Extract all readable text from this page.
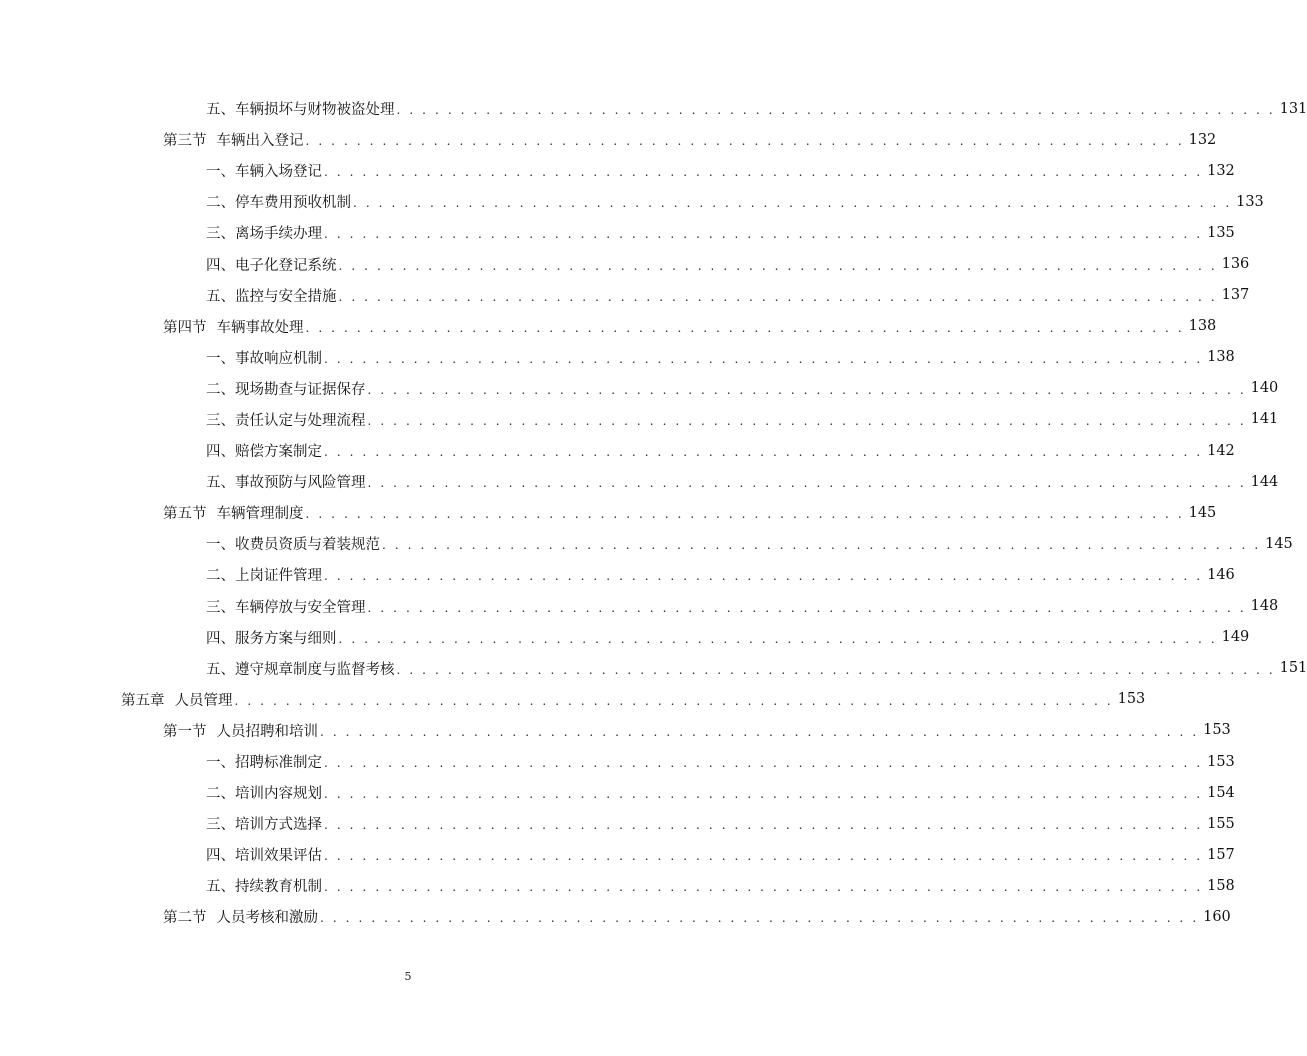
五、车辆损坏与财物被盗处理 . . . . . . . . . . . . . . . . . . . . . . . . . . . . . . . . . . . . . . . . . . . . . . . . . . . . . . . . . . . . . . . . . . . . . 131
第三节 车辆出入登记 . . . . . . . . . . . . . . . . . . . . . . . . . . . . . . . . . . . . . . . . . . . . . . . . . . . . . . . . . . . . . . . . . . . . . 132
一、车辆入场登记 . . . . . . . . . . . . . . . . . . . . . . . . . . . . . . . . . . . . . . . . . . . . . . . . . . . . . . . . . . . . . . . . . . . . . 132
二、停车费用预收机制 . . . . . . . . . . . . . . . . . . . . . . . . . . . . . . . . . . . . . . . . . . . . . . . . . . . . . . . . . . . . . . . . . . . . . 133
三、离场手续办理 . . . . . . . . . . . . . . . . . . . . . . . . . . . . . . . . . . . . . . . . . . . . . . . . . . . . . . . . . . . . . . . . . . . . . 135
四、电子化登记系统 . . . . . . . . . . . . . . . . . . . . . . . . . . . . . . . . . . . . . . . . . . . . . . . . . . . . . . . . . . . . . . . . . . . . . 136
五、监控与安全措施 . . . . . . . . . . . . . . . . . . . . . . . . . . . . . . . . . . . . . . . . . . . . . . . . . . . . . . . . . . . . . . . . . . . . . 137
第四节 车辆事故处理 . . . . . . . . . . . . . . . . . . . . . . . . . . . . . . . . . . . . . . . . . . . . . . . . . . . . . . . . . . . . . . . . . . . . . 138
一、事故响应机制 . . . . . . . . . . . . . . . . . . . . . . . . . . . . . . . . . . . . . . . . . . . . . . . . . . . . . . . . . . . . . . . . . . . . . 138
二、现场勘查与证据保存 . . . . . . . . . . . . . . . . . . . . . . . . . . . . . . . . . . . . . . . . . . . . . . . . . . . . . . . . . . . . . . . . . . . . . 140
三、责任认定与处理流程 . . . . . . . . . . . . . . . . . . . . . . . . . . . . . . . . . . . . . . . . . . . . . . . . . . . . . . . . . . . . . . . . . . . . . 141
四、赔偿方案制定 . . . . . . . . . . . . . . . . . . . . . . . . . . . . . . . . . . . . . . . . . . . . . . . . . . . . . . . . . . . . . . . . . . . . . 142
五、事故预防与风险管理 . . . . . . . . . . . . . . . . . . . . . . . . . . . . . . . . . . . . . . . . . . . . . . . . . . . . . . . . . . . . . . . . . . . . . 144
第五节 车辆管理制度 . . . . . . . . . . . . . . . . . . . . . . . . . . . . . . . . . . . . . . . . . . . . . . . . . . . . . . . . . . . . . . . . . . . . . 145
一、收费员资质与着装规范 . . . . . . . . . . . . . . . . . . . . . . . . . . . . . . . . . . . . . . . . . . . . . . . . . . . . . . . . . . . . . . . . . . . . . 145
二、上岗证件管理 . . . . . . . . . . . . . . . . . . . . . . . . . . . . . . . . . . . . . . . . . . . . . . . . . . . . . . . . . . . . . . . . . . . . . 146
三、车辆停放与安全管理 . . . . . . . . . . . . . . . . . . . . . . . . . . . . . . . . . . . . . . . . . . . . . . . . . . . . . . . . . . . . . . . . . . . . . 148
四、服务方案与细则 . . . . . . . . . . . . . . . . . . . . . . . . . . . . . . . . . . . . . . . . . . . . . . . . . . . . . . . . . . . . . . . . . . . . . 149
五、遵守规章制度与监督考核 . . . . . . . . . . . . . . . . . . . . . . . . . . . . . . . . . . . . . . . . . . . . . . . . . . . . . . . . . . . . . . . . . . . . . 151
第五章 人员管理 . . . . . . . . . . . . . . . . . . . . . . . . . . . . . . . . . . . . . . . . . . . . . . . . . . . . . . . . . . . . . . . . . . . . . 153
第一节 人员招聘和培训 . . . . . . . . . . . . . . . . . . . . . . . . . . . . . . . . . . . . . . . . . . . . . . . . . . . . . . . . . . . . . . . . . . . . . 153
一、招聘标准制定 . . . . . . . . . . . . . . . . . . . . . . . . . . . . . . . . . . . . . . . . . . . . . . . . . . . . . . . . . . . . . . . . . . . . . 153
二、培训内容规划 . . . . . . . . . . . . . . . . . . . . . . . . . . . . . . . . . . . . . . . . . . . . . . . . . . . . . . . . . . . . . . . . . . . . . 154
三、培训方式选择 . . . . . . . . . . . . . . . . . . . . . . . . . . . . . . . . . . . . . . . . . . . . . . . . . . . . . . . . . . . . . . . . . . . . . 155
四、培训效果评估 . . . . . . . . . . . . . . . . . . . . . . . . . . . . . . . . . . . . . . . . . . . . . . . . . . . . . . . . . . . . . . . . . . . . . 157
五、持续教育机制 . . . . . . . . . . . . . . . . . . . . . . . . . . . . . . . . . . . . . . . . . . . . . . . . . . . . . . . . . . . . . . . . . . . . . 158
第二节 人员考核和激励 . . . . . . . . . . . . . . . . . . . . . . . . . . . . . . . . . . . . . . . . . . . . . . . . . . . . . . . . . . . . . . . . . . . . . 160
5
